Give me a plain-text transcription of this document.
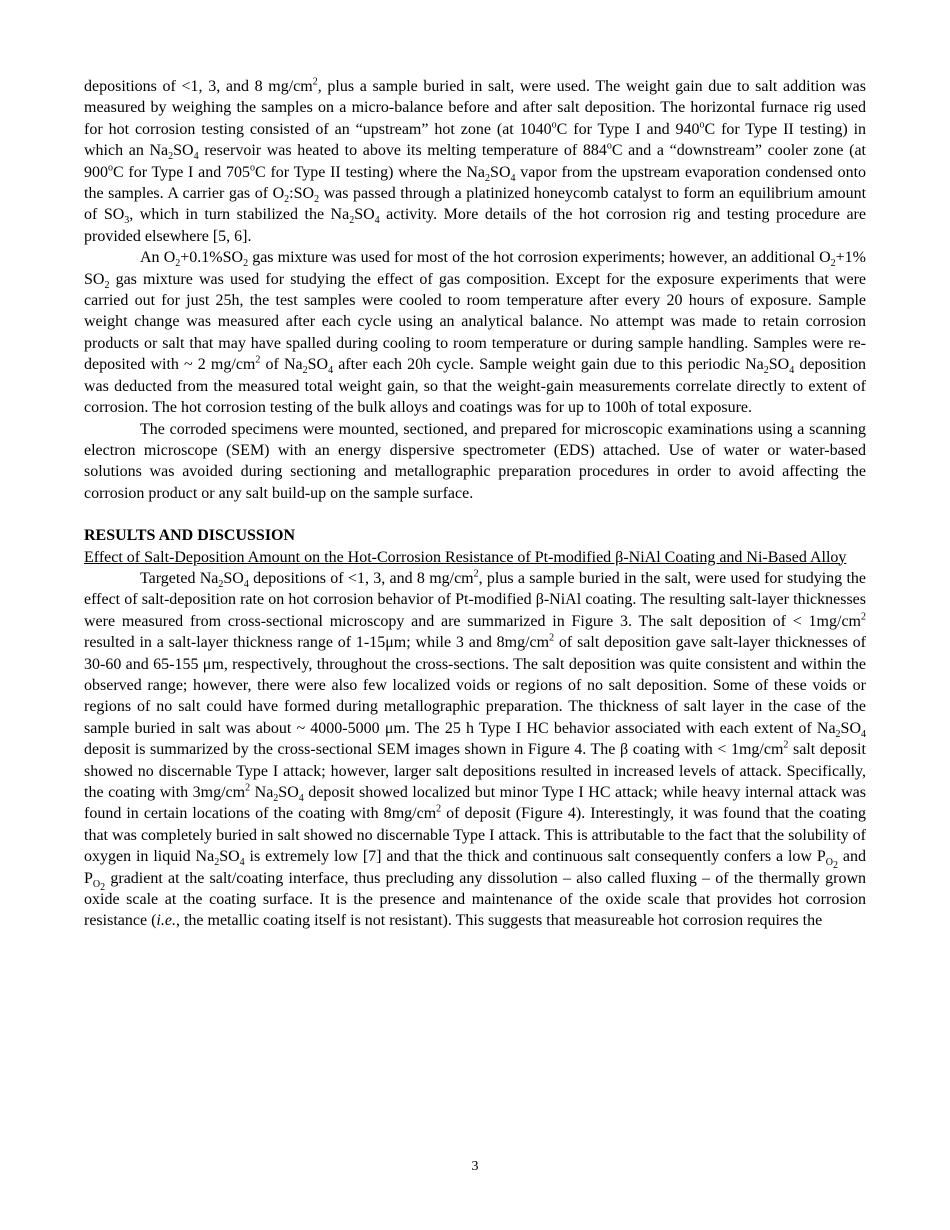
depositions of <1, 3, and 8 $mg/cm^2$, plus a sample buried in salt, were used. The weight gain due to salt addition was measured by weighing the samples on a micro-balance before and after salt deposition. The horizontal furnace rig used for hot corrosion testing consisted of an “upstream” hot zone (at 1040$^o$C for Type I and 940$^o$C for Type II testing) in which an $Na_2SO_4$ reservoir was heated to above its melting temperature of 884$^o$C and a “downstream” cooler zone (at 900$^o$C for Type I and 705$^o$C for Type II testing) where the $Na_2SO_4$ vapor from the upstream evaporation condensed onto the samples. A carrier gas of $O_2:SO_2$ was passed through a platinized honeycomb catalyst to form an equilibrium amount of $SO_3$, which in turn stabilized the $Na_2SO_4$ activity. More details of the hot corrosion rig and testing procedure are provided elsewhere [5, 6].

An $O_2+0.1\%SO_2$ gas mixture was used for most of the hot corrosion experiments; however, an additional $O_2+1\%$ $SO_2$ gas mixture was used for studying the effect of gas composition. Except for the exposure experiments that were carried out for just 25h, the test samples were cooled to room temperature after every 20 hours of exposure. Sample weight change was measured after each cycle using an analytical balance. No attempt was made to retain corrosion products or salt that may have spalled during cooling to room temperature or during sample handling. Samples were re-deposited with ~ 2 $mg/cm^2$ of $Na_2SO_4$ after each 20h cycle. Sample weight gain due to this periodic $Na_2SO_4$ deposition was deducted from the measured total weight gain, so that the weight-gain measurements correlate directly to extent of corrosion. The hot corrosion testing of the bulk alloys and coatings was for up to 100h of total exposure.

The corroded specimens were mounted, sectioned, and prepared for microscopic examinations using a scanning electron microscope (SEM) with an energy dispersive spectrometer (EDS) attached. Use of water or water-based solutions was avoided during sectioning and metallographic preparation procedures in order to avoid affecting the corrosion product or any salt build-up on the sample surface.

RESULTS AND DISCUSSION

Effect of Salt-Deposition Amount on the Hot-Corrosion Resistance of Pt-modified β-NiAl Coating and Ni-Based Alloy

Targeted $Na_2SO_4$ depositions of <1, 3, and 8 $mg/cm^2$, plus a sample buried in the salt, were used for studying the effect of salt-deposition rate on hot corrosion behavior of Pt-modified β-NiAl coating. The resulting salt-layer thicknesses were measured from cross-sectional microscopy and are summarized in Figure 3. The salt deposition of < $1mg/cm^2$ resulted in a salt-layer thickness range of 1-15μm; while 3 and $8mg/cm^2$ of salt deposition gave salt-layer thicknesses of 30-60 and 65-155 μm, respectively, throughout the cross-sections. The salt deposition was quite consistent and within the observed range; however, there were also few localized voids or regions of no salt deposition. Some of these voids or regions of no salt could have formed during metallographic preparation. The thickness of salt layer in the case of the sample buried in salt was about ~ 4000-5000 μm. The 25 h Type I HC behavior associated with each extent of $Na_2SO_4$ deposit is summarized by the cross-sectional SEM images shown in Figure 4. The β coating with < $1mg/cm^2$ salt deposit showed no discernable Type I attack; however, larger salt depositions resulted in increased levels of attack. Specifically, the coating with $3mg/cm^2$ $Na_2SO_4$ deposit showed localized but minor Type I HC attack; while heavy internal attack was found in certain locations of the coating with $8mg/cm^2$ of deposit (Figure 4). Interestingly, it was found that the coating that was completely buried in salt showed no discernable Type I attack. This is attributable to the fact that the solubility of oxygen in liquid $Na_2SO_4$ is extremely low [7] and that the thick and continuous salt consequently confers a low $P_{O_2}$ and $P_{O_2}$ gradient at the salt/coating interface, thus precluding any dissolution – also called fluxing – of the thermally grown oxide scale at the coating surface. It is the presence and maintenance of the oxide scale that provides hot corrosion resistance (i.e., the metallic coating itself is not resistant). This suggests that measureable hot corrosion requires the

3
